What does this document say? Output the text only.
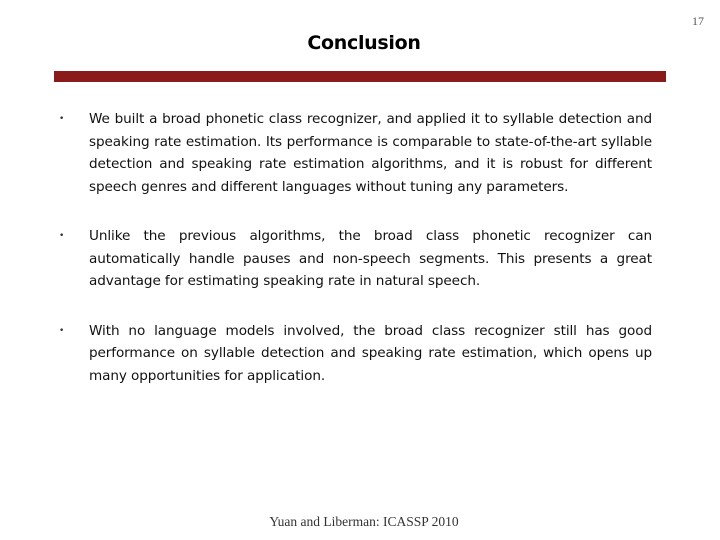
17
Conclusion
• We built a broad phonetic class recognizer, and applied it to syllable detection and speaking rate estimation. Its performance is comparable to state-of-the-art syllable detection and speaking rate estimation algorithms, and it is robust for different speech genres and different languages without tuning any parameters.
• Unlike the previous algorithms, the broad class phonetic recognizer can automatically handle pauses and non-speech segments. This presents a great advantage for estimating speaking rate in natural speech.
• With no language models involved, the broad class recognizer still has good performance on syllable detection and speaking rate estimation, which opens up many opportunities for application.
Yuan and Liberman: ICASSP 2010
